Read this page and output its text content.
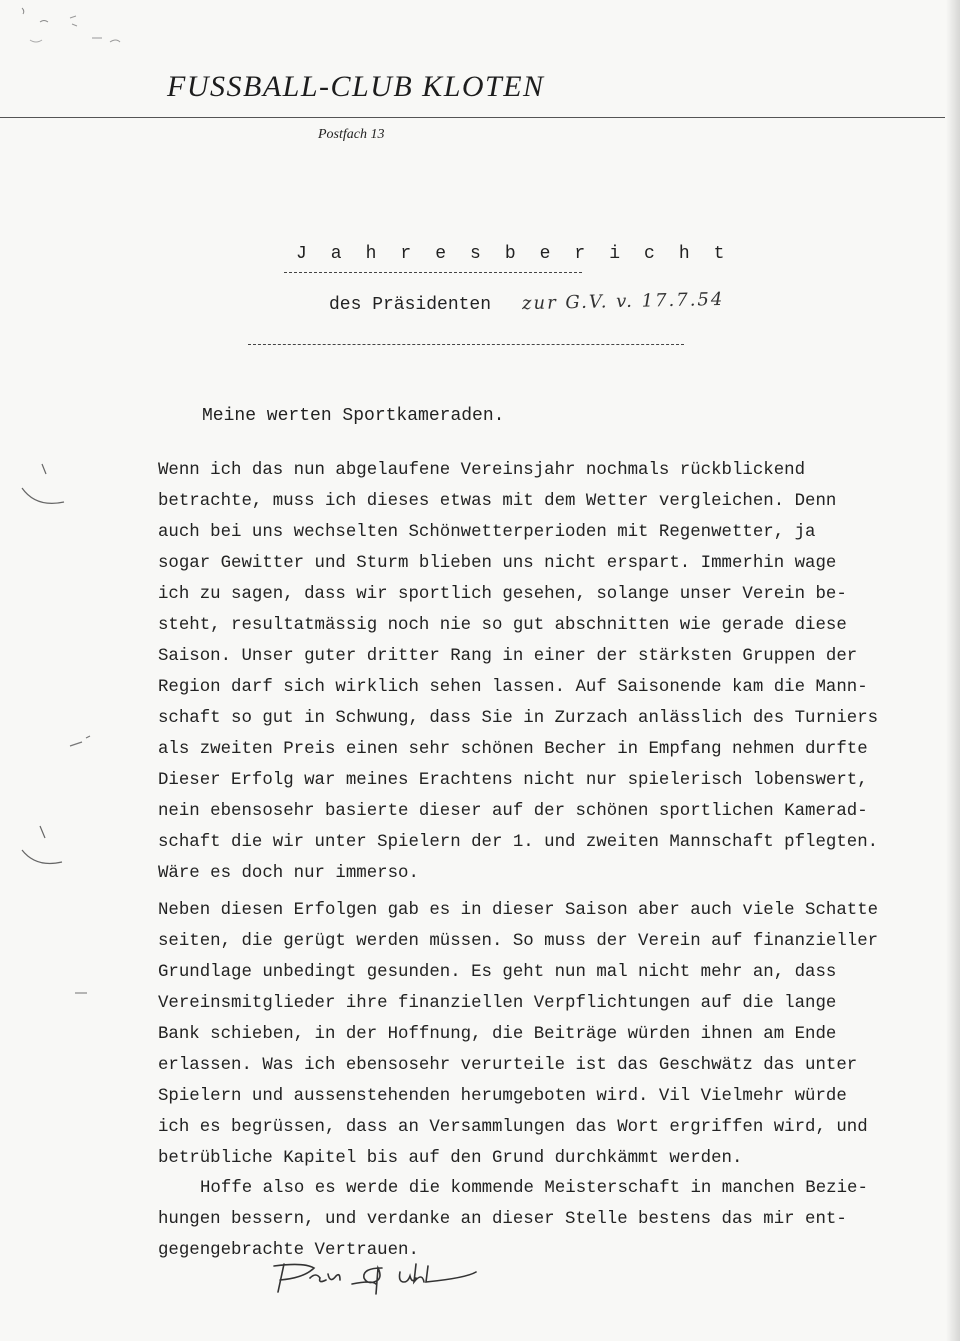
FUSSBALL-CLUB KLOTEN
Postfach 13
J a h r e s b e r i c h t
des Präsidenten zur G.V. v. 17.7.54
Meine werten Sportkameraden.
Wenn ich das nun abgelaufene Vereinsjahr nochmals rückblickend
betrachte, muss ich dieses etwas mit dem Wetter vergleichen. Denn
auch bei uns wechselten Schönwetterperioden mit Regenwetter, ja
sogar Gewitter und Sturm blieben uns nicht erspart. Immerhin wage
ich zu sagen, dass wir sportlich gesehen, solange unser Verein be-
steht, resultatmässig noch nie so gut abschnitten wie gerade diese
Saison. Unser guter dritter Rang in einer der stärksten Gruppen der
Region darf sich wirklich sehen lassen. Auf Saisonende kam die Mann-
schaft so gut in Schwung, dass Sie in Zurzach anlässlich des Turniers
als zweiten Preis einen sehr schönen Becher in Empfang nehmen durfte
Dieser Erfolg war meines Erachtens nicht nur spielerisch lobenswert,
nein ebensosehr basierte dieser auf der schönen sportlichen Kamerad-
schaft die wir unter Spielern der 1. und zweiten Mannschaft pflegten.
Wäre es doch nur immerso.
Neben diesen Erfolgen gab es in dieser Saison aber auch viele Schatte
seiten, die gerügt werden müssen. So muss der Verein auf finanzieller
Grundlage unbedingt gesunden. Es geht nun mal nicht mehr an, dass
Vereinsmitglieder ihre finanziellen Verpflichtungen auf die lange
Bank schieben, in der Hoffnung, die Beiträge würden ihnen am Ende
erlassen. Was ich ebensosehr verurteile ist das Geschwätz das unter
Spielern und aussenstehenden herumgeboten wird. Vil Vielmehr würde
ich es begrüssen, dass an Versammlungen das Wort ergriffen wird, und
betrübliche Kapitel bis auf den Grund durchkämmt werden.
Hoffe also es werde die kommende Meisterschaft in manchen Bezie-
hungen bessern, und verdanke an dieser Stelle bestens das mir ent-
gegengebrachte Vertrauen.
